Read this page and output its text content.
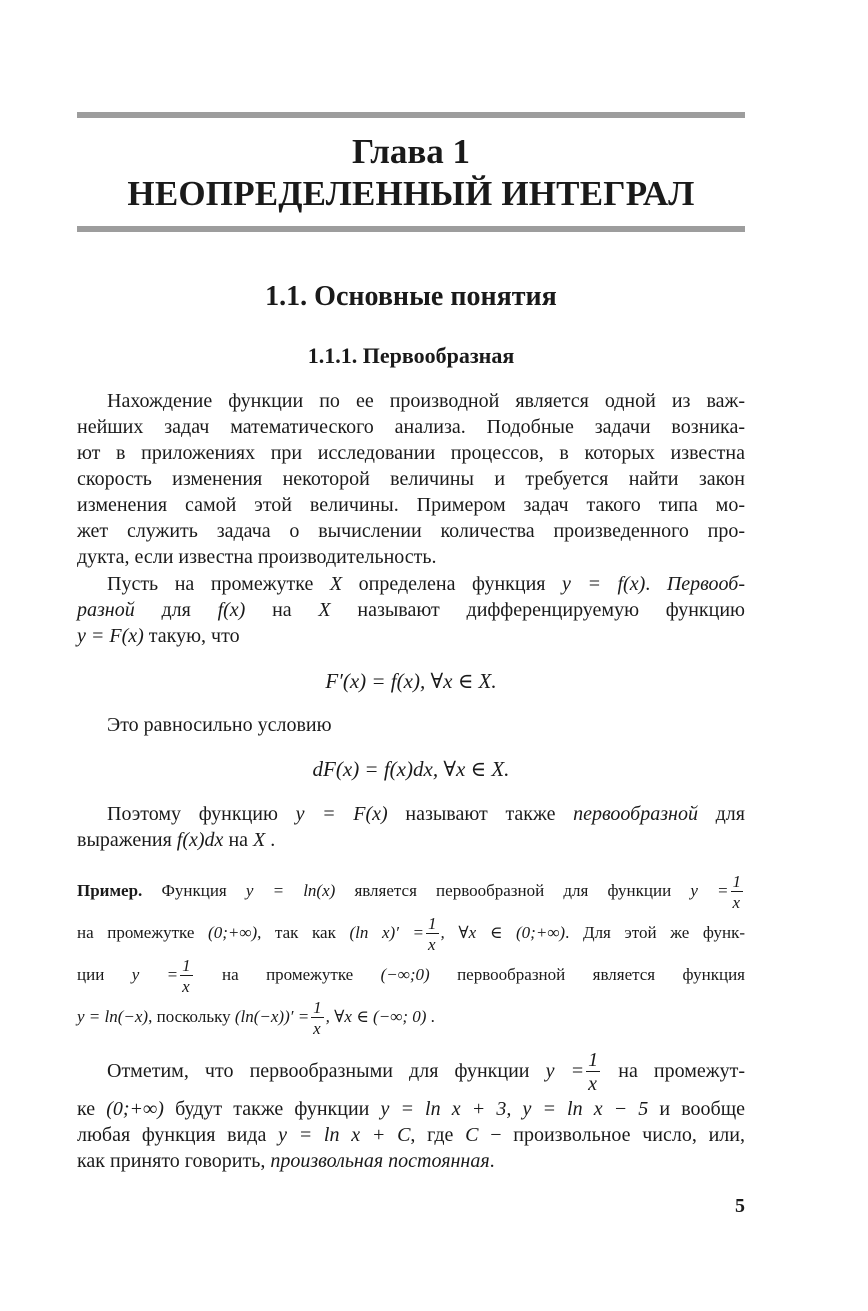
Глава 1
НЕОПРЕДЕЛЕННЫЙ ИНТЕГРАЛ
1.1. Основные понятия
1.1.1. Первообразная
Нахождение функции по ее производной является одной из важ-
нейших задач математического анализа. Подобные задачи возника-
ют в приложениях при исследовании процессов, в которых известна
скорость изменения некоторой величины и требуется найти закон
изменения самой этой величины. Примером задач такого типа мо-
жет служить задача о вычислении количества произведенного про-
дукта, если известна производительность.
Пусть на промежутке X определена функция y = f(x). Первооб-
разной для f(x) на X называют дифференцируемую функцию
y = F(x) такую, что
F′(x) = f(x), ∀x ∈ X.
Это равносильно условию
dF(x) = f(x)dx, ∀x ∈ X.
Поэтому функцию y = F(x) называют также первообразной для
выражения f(x)dx на X .
Пример. Функция y = ln(x) является первообразной для функции $y = \frac{1}{x}$
на промежутке (0;+∞), так как (ln $x)' = \frac{1}{x}$ , ∀x ∈ (0;+∞). Для этой же функ-
ции $y = \frac{1}{x}$ на промежутке (−∞;0) первообразной является функция
y = ln(−x), поскольку $(\ln(-x))' = \frac{1}{x}$ , ∀x ∈ (−∞; 0) .
Отметим, что первообразными для функции $y = \frac{1}{x}$ на промежут-
ке (0;+∞) будут также функции y = ln x + 3, y = ln x − 5 и вообще
любая функция вида y = ln x + C, где C − произвольное число, или,
как принято говорить, произвольная постоянная.
5
